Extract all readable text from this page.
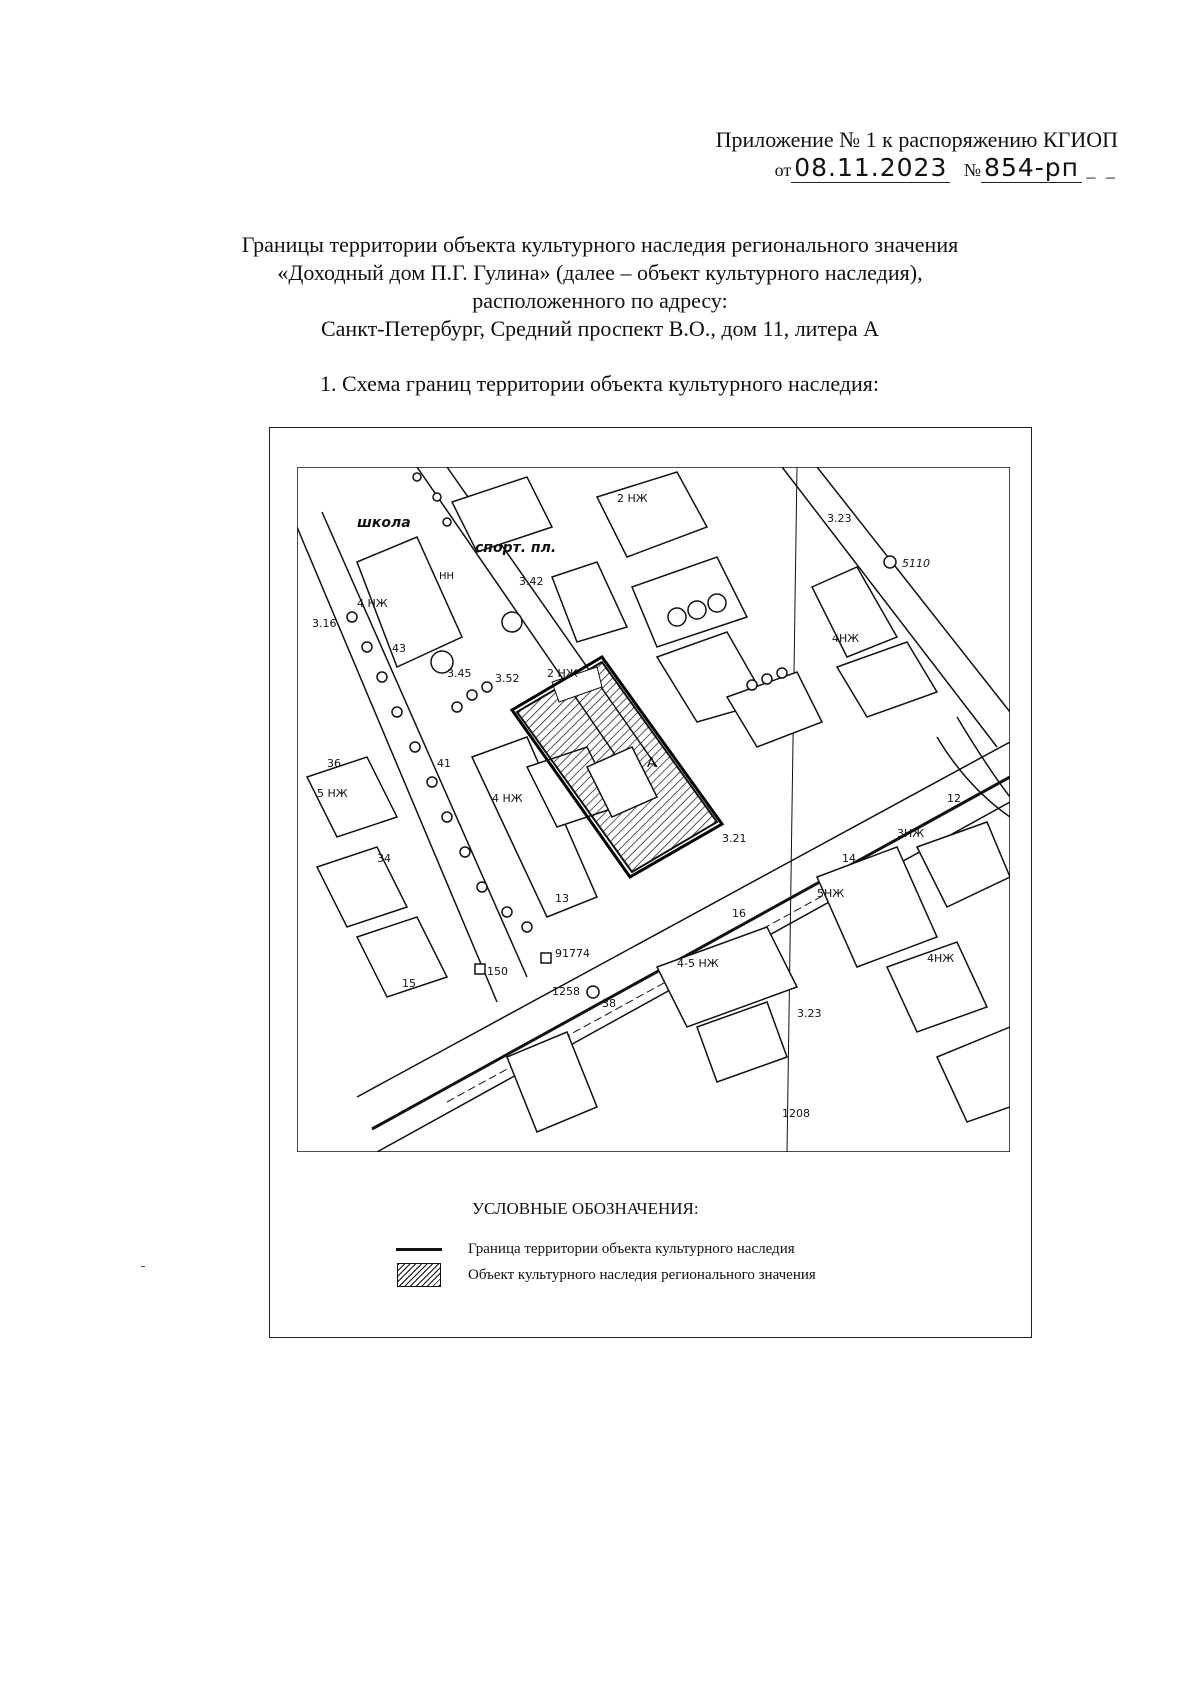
Приложение № 1 к распоряжению КГИОП
от 08.11.2023 № 854-рп _ _
Границы территории объекта культурного наследия регионального значения
«Доходный дом П.Г. Гулина» (далее – объект культурного наследия),
расположенного по адресу:
Санкт-Петербург, Средний проспект В.О., дом 11, литера А
1. Схема границ территории объекта культурного наследия:
школа
спорт. пл.
3.42
3.45 3.52
3.23
3.23
3.16
3.21
5110
150
1258
1208
91774
41
43
13
15
16
14
12
36
34
38
4 НЖ
4 НЖ
4НЖ
4НЖ
5 НЖ
5НЖ
3НЖ
2 НЖ
2 НЖ
4-5 НЖ
А
НН
УСЛОВНЫЕ ОБОЗНАЧЕНИЯ:
Граница территории объекта культурного наследия
Объект культурного наследия регионального значения
